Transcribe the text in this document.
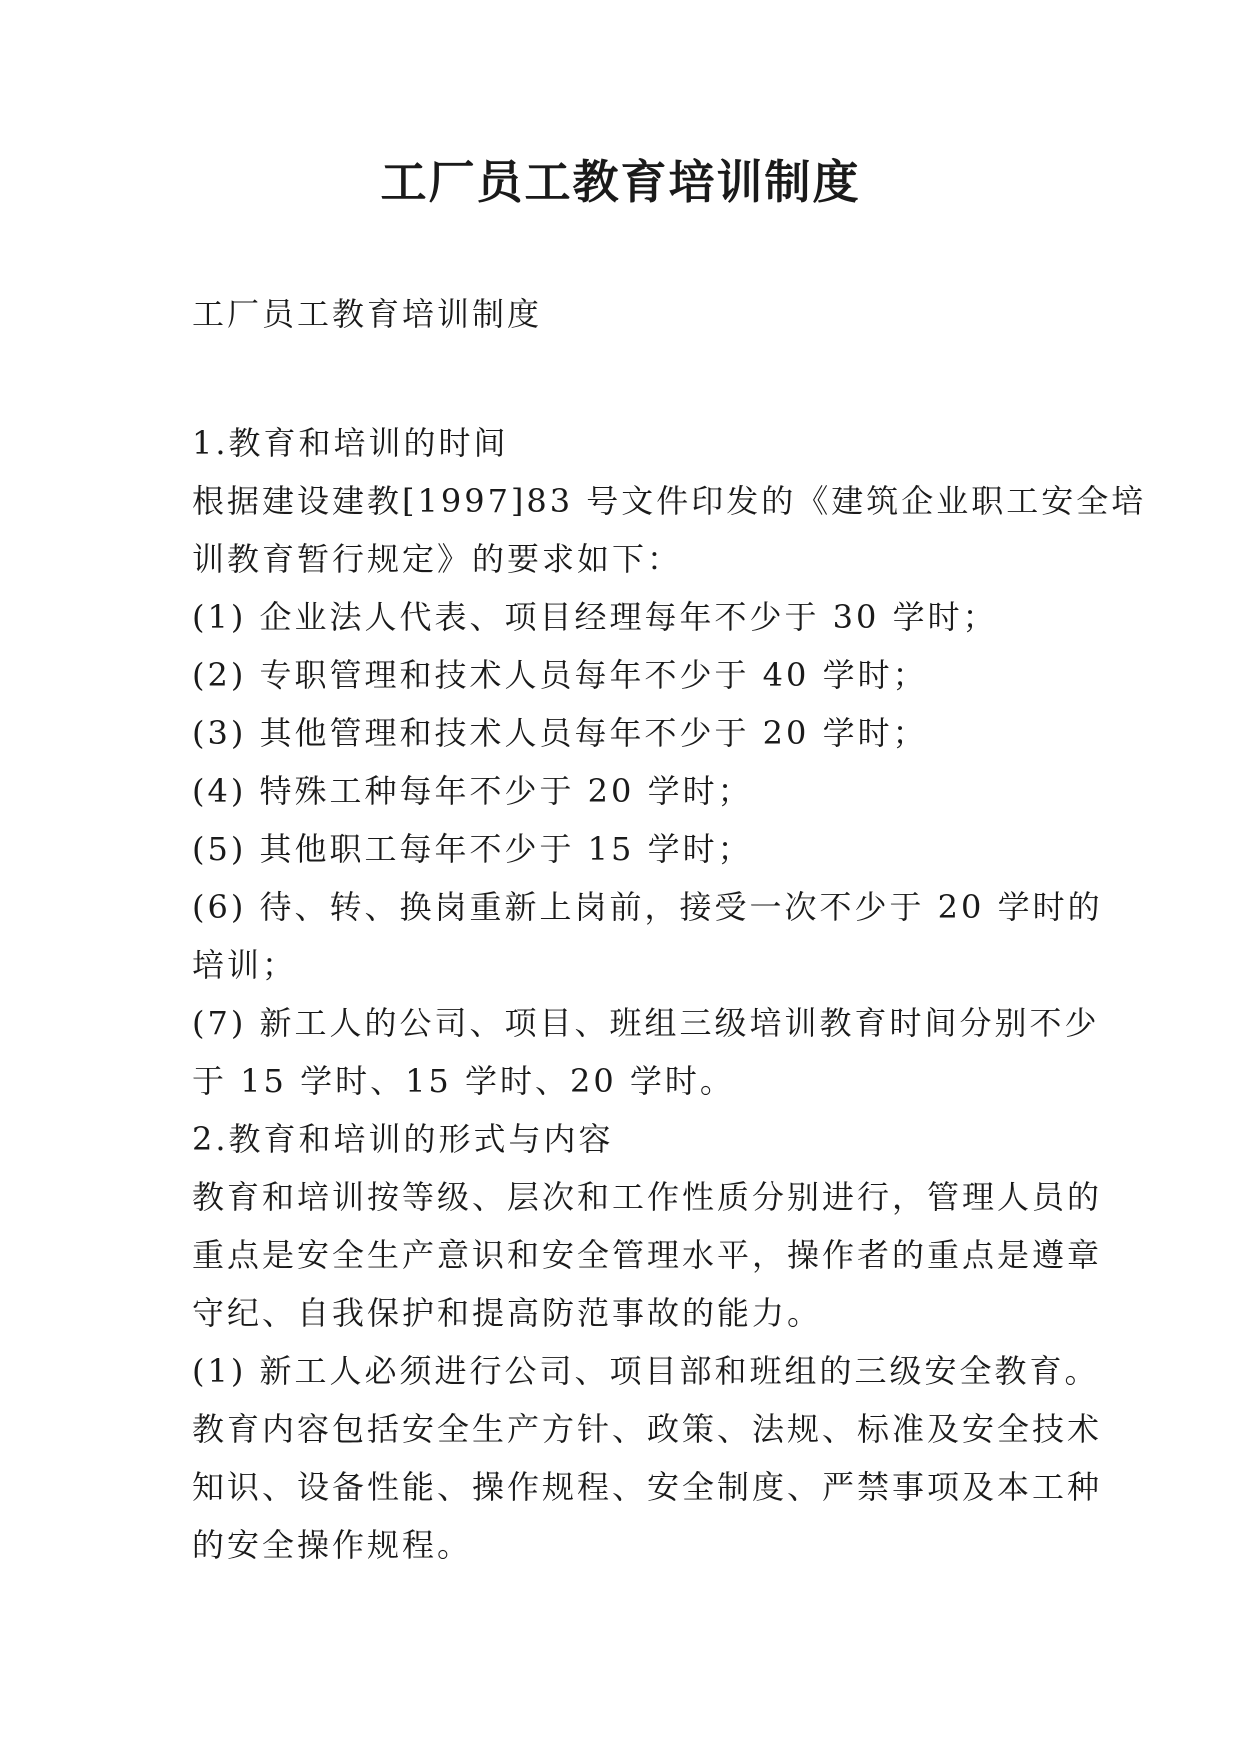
工厂员工教育培训制度
工厂员工教育培训制度
1.教育和培训的时间
根据建设建教[1997]83 号文件印发的《建筑企业职工安全培
训教育暂行规定》的要求如下：
(1) 企业法人代表、项目经理每年不少于 30 学时；
(2) 专职管理和技术人员每年不少于 40 学时；
(3) 其他管理和技术人员每年不少于 20 学时；
(4) 特殊工种每年不少于 20 学时；
(5) 其他职工每年不少于 15 学时；
(6) 待、转、换岗重新上岗前，接受一次不少于 20 学时的
培训；
(7) 新工人的公司、项目、班组三级培训教育时间分别不少
于 15 学时、15 学时、20 学时。
2.教育和培训的形式与内容
教育和培训按等级、层次和工作性质分别进行，管理人员的
重点是安全生产意识和安全管理水平，操作者的重点是遵章
守纪、自我保护和提高防范事故的能力。
(1) 新工人必须进行公司、项目部和班组的三级安全教育。
教育内容包括安全生产方针、政策、法规、标准及安全技术
知识、设备性能、操作规程、安全制度、严禁事项及本工种
的安全操作规程。
